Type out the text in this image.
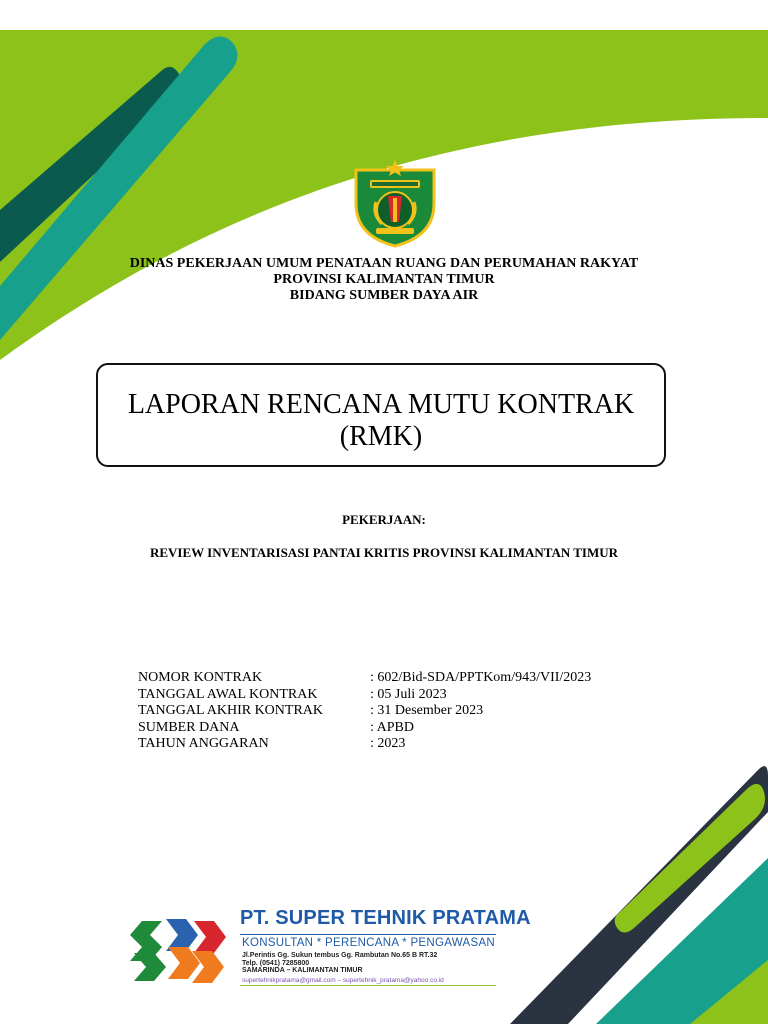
DINAS PEKERJAAN UMUM PENATAAN RUANG DAN PERUMAHAN RAKYAT
PROVINSI KALIMANTAN TIMUR
BIDANG SUMBER DAYA AIR
LAPORAN RENCANA MUTU KONTRAK
(RMK)
PEKERJAAN:
REVIEW INVENTARISASI PANTAI KRITIS PROVINSI KALIMANTAN TIMUR
NOMOR KONTRAK	: 602/Bid-SDA/PPTKom/943/VII/2023
TANGGAL AWAL KONTRAK	: 05 Juli 2023
TANGGAL AKHIR KONTRAK	: 31 Desember 2023
SUMBER DANA	: APBD
TAHUN ANGGARAN	: 2023
PT. SUPER TEHNIK PRATAMA
KONSULTAN * PERENCANA * PENGAWASAN
Jl.Perintis Gg. Sukun tembus Gg. Rambutan No.65 B RT.32
Telp. (0541) 7285800
SAMARINDA – KALIMANTAN TIMUR
supertehnikpratama@gmail.com – supertehnik_pratama@yahoo.co.id
